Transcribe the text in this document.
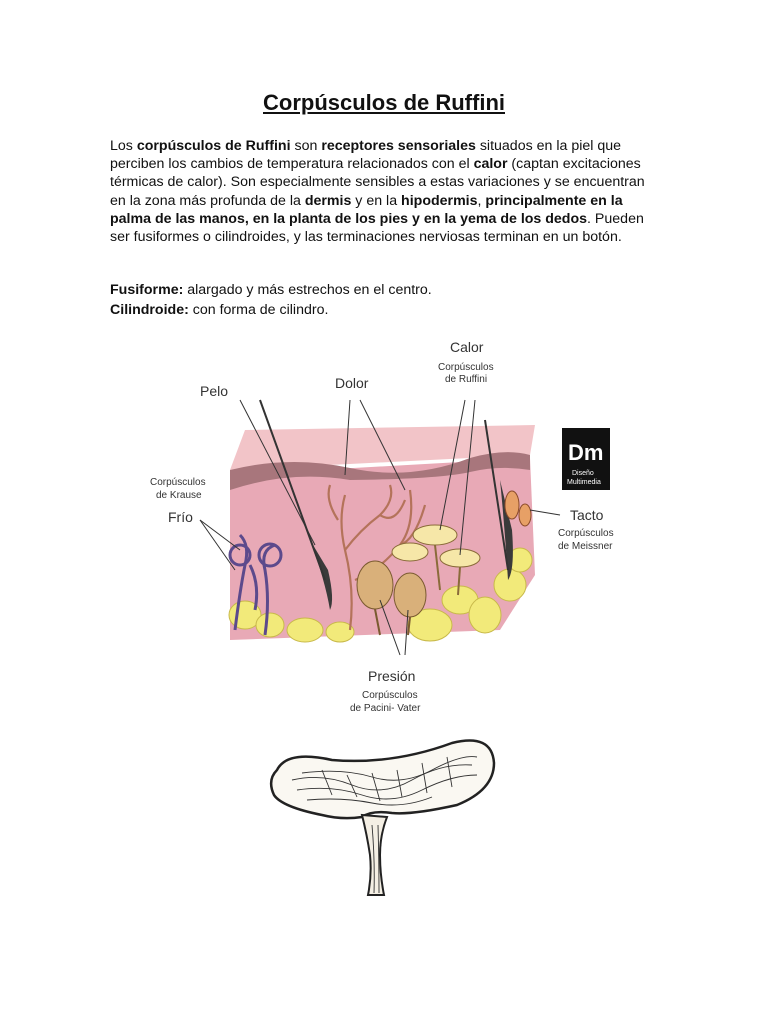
Corpúsculos de Ruffini

Los corpúsculos de Ruffini son receptores sensoriales situados en la piel que perciben los cambios de temperatura relacionados con el calor (captan excitaciones térmicas de calor). Son especialmente sensibles a estas variaciones y se encuentran en la zona más profunda de la dermis y en la hipodermis, principalmente en la palma de las manos, en la planta de los pies y en la yema de los dedos. Pueden ser fusiformes o cilindroides, y las terminaciones nerviosas terminan en un botón.

Fusiforme: alargado y más estrechos en el centro.
Cilindroide: con forma de cilindro.
Calor
Corpúsculos
de Ruffini
Dolor
Pelo
Corpúsculos
de Krause
Frío	Tacto
Corpúsculos
de Meissner
Presión
Corpúsculos
de Pacini- Vater
Dm
Diseño
Multimedia
